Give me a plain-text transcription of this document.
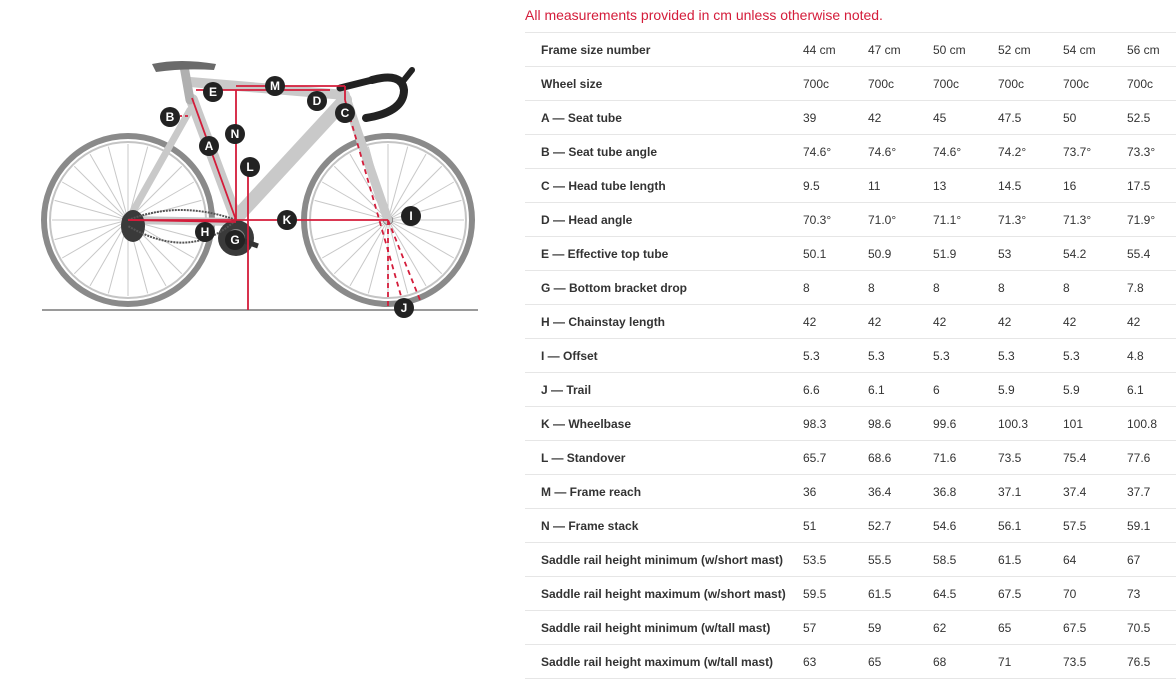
A
B	C
D
E
G
H
I
J
K
L
M
N
All measurements provided in cm unless otherwise noted.
Frame size number	44 cm	47 cm	50 cm	52 cm	54 cm	56 cm
Wheel size	700c	700c	700c	700c	700c	700c
A — Seat tube	39	42	45	47.5	50	52.5
B — Seat tube angle	74.6°	74.6°	74.6°	74.2°	73.7°	73.3°
C — Head tube length	9.5	11	13	14.5	16	17.5
D — Head angle	70.3°	71.0°	71.1°	71.3°	71.3°	71.9°
E — Effective top tube	50.1	50.9	51.9	53	54.2	55.4
G — Bottom bracket drop	8	8	8	8	8	7.8
H — Chainstay length	42	42	42	42	42	42
I — Offset	5.3	5.3	5.3	5.3	5.3	4.8
J — Trail	6.6	6.1	6	5.9	5.9	6.1
K — Wheelbase	98.3	98.6	99.6	100.3	101	100.8
L — Standover	65.7	68.6	71.6	73.5	75.4	77.6
M — Frame reach	36	36.4	36.8	37.1	37.4	37.7
N — Frame stack	51	52.7	54.6	56.1	57.5	59.1
Saddle rail height minimum (w/short mast)	53.5	55.5	58.5	61.5	64	67
Saddle rail height maximum (w/short mast)	59.5	61.5	64.5	67.5	70	73
Saddle rail height minimum (w/tall mast)	57	59	62	65	67.5	70.5
Saddle rail height maximum (w/tall mast)	63	65	68	71	73.5	76.5
